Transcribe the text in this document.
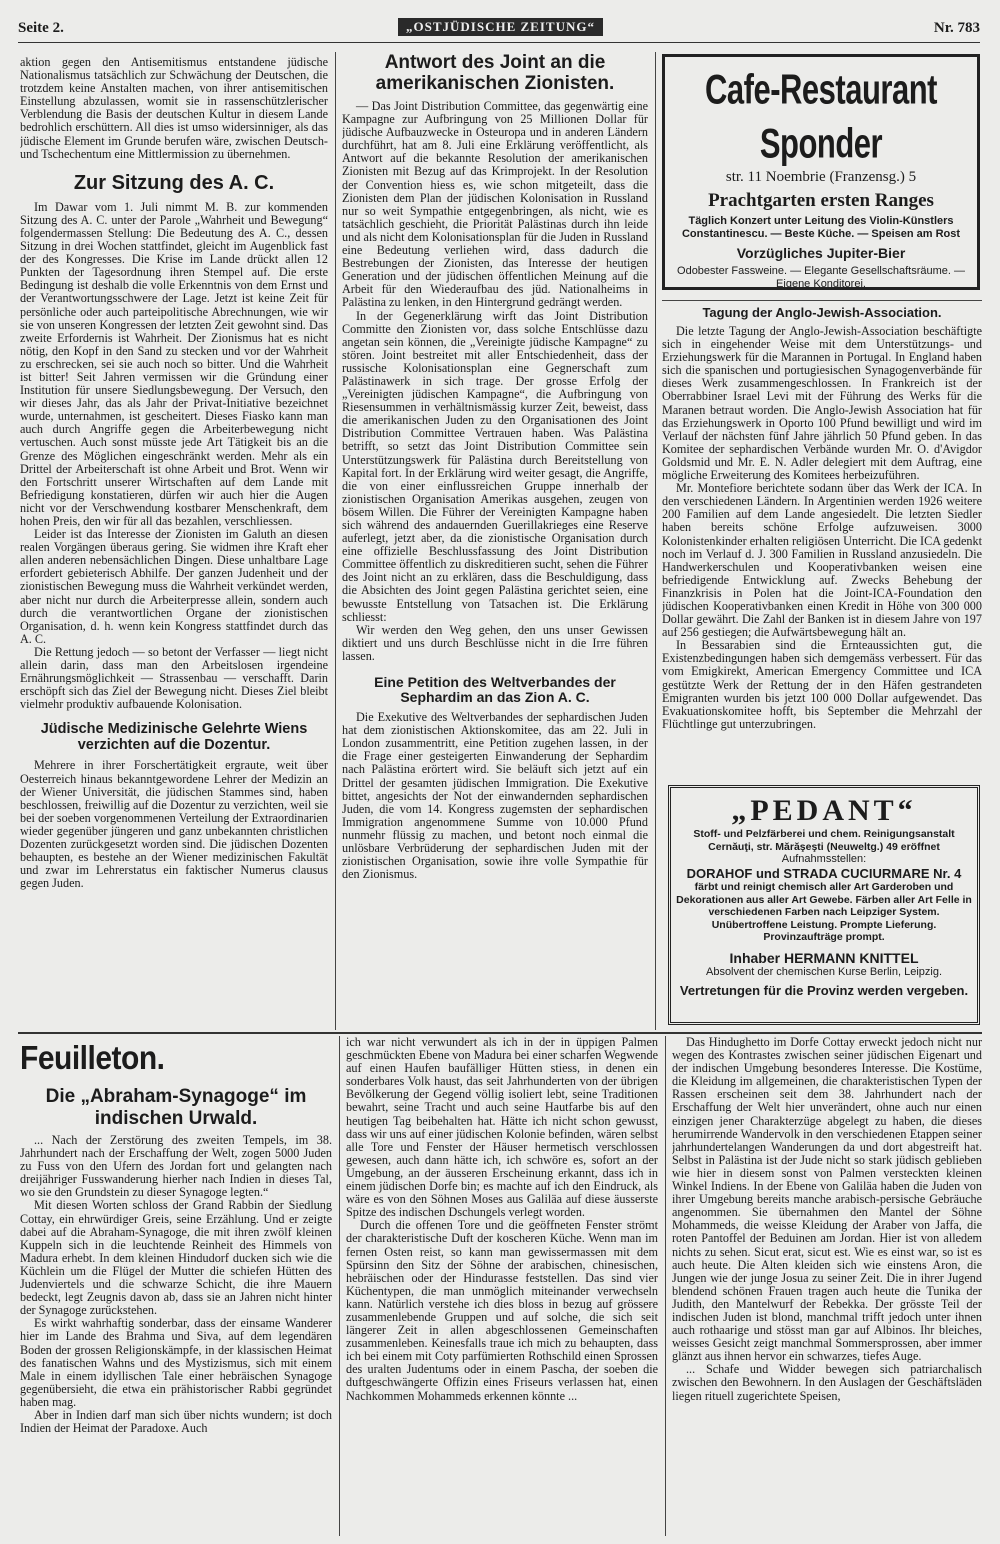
Seite 2.	„OSTJÜDISCHE ZEITUNG“	Nr. 783

aktion gegen den Antisemitismus entstandene jüdische Nationalismus tatsächlich zur Schwächung der Deutschen, die trotzdem keine Anstalten machen, von ihrer antisemitischen Einstellung abzulassen, womit sie in rassenschützlerischer Verblendung die Basis der deutschen Kultur in diesem Lande bedrohlich erschüttern. All dies ist umso widersinniger, als das jüdische Element im Grunde berufen wäre, zwischen Deutsch- und Tschechentum eine Mittlermission zu übernehmen.

Zur Sitzung des A. C.

Im Dawar vom 1. Juli nimmt M. B. zur kommenden Sitzung des A. C. unter der Parole „Wahrheit und Bewegung“ folgendermassen Stellung: Die Bedeutung des A. C., dessen Sitzung in drei Wochen stattfindet, gleicht im Augenblick fast der des Kongresses. Die Krise im Lande drückt allen 12 Punkten der Tagesordnung ihren Stempel auf. Die erste Bedingung ist deshalb die volle Erkenntnis von dem Ernst und der Verantwortungsschwere der Lage. Jetzt ist keine Zeit für persönliche oder auch parteipolitische Abrechnungen, wie wir sie von unseren Kongressen der letzten Zeit gewohnt sind. Das zweite Erfordernis ist Wahrheit. Der Zionismus hat es nicht nötig, den Kopf in den Sand zu stecken und vor der Wahrheit zu erschrecken, sei sie auch noch so bitter. Und die Wahrheit ist bitter! Seit Jahren vermissen wir die Gründung einer Institution für unsere Siedlungsbewegung. Der Versuch, den wir dieses Jahr, das als Jahr der Privat-Initiative bezeichnet wurde, unternahmen, ist gescheitert. Dieses Fiasko kann man auch durch Angriffe gegen die Arbeiterbewegung nicht vertuschen. Auch sonst müsste jede Art Tätigkeit bis an die Grenze des Möglichen eingeschränkt werden. Mehr als ein Drittel der Arbeiterschaft ist ohne Arbeit und Brot. Wenn wir den Fortschritt unserer Wirtschaften auf dem Lande mit Befriedigung konstatieren, dürfen wir auch hier die Augen nicht vor der Verschwendung kostbarer Menschenkraft, dem hohen Preis, den wir für all das bezahlen, verschliessen.

Leider ist das Interesse der Zionisten im Galuth an diesen realen Vorgängen überaus gering. Sie widmen ihre Kraft eher allen anderen nebensächlichen Dingen. Diese unhaltbare Lage erfordert gebieterisch Abhilfe. Der ganzen Judenheit und der zionistischen Bewegung muss die Wahrheit verkündet werden, aber nicht nur durch die Arbeiterpresse allein, sondern auch durch die verantwortlichen Organe der zionistischen Organisation, d. h. wenn kein Kongress stattfindet durch das A. C.

Die Rettung jedoch — so betont der Verfasser — liegt nicht allein darin, dass man den Arbeitslosen irgendeine Ernährungsmöglichkeit — Strassenbau — verschafft. Darin erschöpft sich das Ziel der Bewegung nicht. Dieses Ziel bleibt vielmehr produktiv aufbauende Kolonisation.

Jüdische Medizinische Gelehrte Wiens verzichten auf die Dozentur.

Mehrere in ihrer Forschertätigkeit ergraute, weit über Oesterreich hinaus bekanntgewordene Lehrer der Medizin an der Wiener Universität, die jüdischen Stammes sind, haben beschlossen, freiwillig auf die Dozentur zu verzichten, weil sie bei der soeben vorgenommenen Verteilung der Extraordinarien wieder gegenüber jüngeren und ganz unbekannten christlichen Dozenten zurückgesetzt worden sind. Die jüdischen Dozenten behaupten, es bestehe an der Wiener medizinischen Fakultät und zwar im Lehrerstatus ein faktischer Numerus clausus gegen Juden.

Antwort des Joint an die amerikanischen Zionisten.

— Das Joint Distribution Committee, das gegenwärtig eine Kampagne zur Aufbringung von 25 Millionen Dollar für jüdische Aufbauzwecke in Osteuropa und in anderen Ländern durchführt, hat am 8. Juli eine Erklärung veröffentlicht, als Antwort auf die bekannte Resolution der amerikanischen Zionisten mit Bezug auf das Krimprojekt. In der Resolution der Convention hiess es, wie schon mitgeteilt, dass die Zionisten dem Plan der jüdischen Kolonisation in Russland nur so weit Sympathie entgegenbringen, als nicht, wie es tatsächlich geschieht, die Priorität Palästinas durch ihn leide und als nicht dem Kolonisationsplan für die Juden in Russland eine Bedeutung verliehen wird, dass dadurch die Bestrebungen der Zionisten, das Interesse der heutigen Generation und der jüdischen öffentlichen Meinung auf die Arbeit für den Wiederaufbau des jüd. Nationalheims in Palästina zu lenken, in den Hintergrund gedrängt werden.

In der Gegenerklärung wirft das Joint Distribution Committe den Zionisten vor, dass solche Entschlüsse dazu angetan sein können, die „Vereinigte jüdische Kampagne“ zu stören. Joint bestreitet mit aller Entschiedenheit, dass der russische Kolonisationsplan eine Gegnerschaft zum Palästinawerk in sich trage. Der grosse Erfolg der „Vereinigten jüdischen Kampagne“, die Aufbringung von Riesensummen in verhältnismässig kurzer Zeit, beweist, dass die amerikanischen Juden zu den Organisationen des Joint Distribution Committee Vertrauen haben. Was Palästina betrifft, so setzt das Joint Distribution Committee sein Unterstützungswerk für Palästina durch Bereitstellung von Kapital fort. In der Erklärung wird weiter gesagt, die Angriffe, die von einer einflussreichen Gruppe innerhalb der zionistischen Organisation Amerikas ausgehen, zeugen von bösem Willen. Die Führer der Vereinigten Kampagne haben sich während des andauernden Guerillakrieges eine Reserve auferlegt, jetzt aber, da die zionistische Organisation durch eine offizielle Beschlussfassung des Joint Distribution Committee öffentlich zu diskreditieren sucht, sehen die Führer des Joint nicht an zu erklären, dass die Beschuldigung, dass die Absichten des Joint gegen Palästina gerichtet seien, eine bewusste Entstellung von Tatsachen ist. Die Erklärung schliesst:

Wir werden den Weg gehen, den uns unser Gewissen diktiert und uns durch Beschlüsse nicht in die Irre führen lassen.

Eine Petition des Weltverbandes der Sephardim an das Zion A. C.

Die Exekutive des Weltverbandes der sephardischen Juden hat dem zionistischen Aktionskomitee, das am 22. Juli in London zusammentritt, eine Petition zugehen lassen, in der die Frage einer gesteigerten Einwanderung der Sephardim nach Palästina erörtert wird. Sie beläuft sich jetzt auf ein Drittel der gesamten jüdischen Immigration. Die Exekutive bittet, angesichts der Not der einwandernden sephardischen Juden, die vom 14. Kongress zugemsten der sephardischen Immigration angenommene Summe von 10.000 Pfund nunmehr flüssig zu machen, und betont noch einmal die unlösbare Verbrüderung der sephardischen Juden mit der zionistischen Organisation, sowie ihre volle Sympathie für den Zionismus.

Cafe-Restaurant Sponder
str. 11 Noembrie (Franzensg.) 5
Prachtgarten ersten Ranges
Täglich Konzert unter Leitung des Violin-Künstlers Constantinescu. — Beste Küche. — Speisen am Rost
Vorzügliches Jupiter-Bier
Odobester Fassweine. — Elegante Gesellschaftsräume. — Eigene Konditorei.
Tagung der Anglo-Jewish-Association.

Die letzte Tagung der Anglo-Jewish-Association beschäftigte sich in eingehender Weise mit dem Unterstützungs- und Erziehungswerk für die Marannen in Portugal. In England haben sich die spanischen und portugiesischen Synagogenverbände für dieses Werk zusammengeschlossen. In Frankreich ist der Oberrabbiner Israel Levi mit der Führung des Werks für die Maranen betraut worden. Die Anglo-Jewish Association hat für das Erziehungswerk in Oporto 100 Pfund bewilligt und wird im Verlauf der nächsten fünf Jahre jährlich 50 Pfund geben. In das Komitee der sephardischen Verbände wurden Mr. O. d'Avigdor Goldsmid und Mr. E. N. Adler delegiert mit dem Auftrag, eine mögliche Erweiterung des Komitees herbeizuführen.

Mr. Montefiore berichtete sodann über das Werk der ICA. In den verschiedenen Ländern. In Argentinien werden 1926 weitere 200 Familien auf dem Lande angesiedelt. Die letzten Siedler haben bereits schöne Erfolge aufzuweisen. 3000 Kolonistenkinder erhalten religiösen Unterricht. Die ICA gedenkt noch im Verlauf d. J. 300 Familien in Russland anzusiedeln. Die Handwerkerschulen und Kooperativbanken weisen eine befriedigende Entwicklung auf. Zwecks Behebung der Finanzkrisis in Polen hat die Joint-ICA-Foundation den jüdischen Kooperativbanken einen Kredit in Höhe von 300 000 Dollar gewährt. Die Zahl der Banken ist in diesem Jahre von 197 auf 256 gestiegen; die Aufwärtsbewegung hält an.

In Bessarabien sind die Ernteaussichten gut, die Existenzbedingungen haben sich demgemäss verbessert. Für das vom Emigkirekt, American Emergency Committee und ICA gestützte Werk der Rettung der in den Häfen gestrandeten Emigranten wurden bis jetzt 100 000 Dollar aufgewendet. Das Evakuationskomitee hofft, bis September die Mehrzahl der Flüchtlinge gut unterzubringen.

„PEDANT“
Stoff- und Pelzfärberei und chem. Reinigungsanstalt
Cernăuţi, str. Mărăşeşti (Neuweltg.) 49 eröffnet
Aufnahmsstellen:
DORAHOF und STRADA CUCIURMARE Nr. 4
färbt und reinigt chemisch aller Art Garderoben und Dekorationen aus aller Art Gewebe. Färben aller Art Felle in verschiedenen Farben nach Leipziger System. Unübertroffene Leistung. Prompte Lieferung. Provinzaufträge prompt.
Inhaber HERMANN KNITTEL
Absolvent der chemischen Kurse Berlin, Leipzig.
Vertretungen für die Provinz werden vergeben.
Feuilleton.
Die „Abraham-Synagoge“ im indischen Urwald.

... Nach der Zerstörung des zweiten Tempels, im 38. Jahrhundert nach der Erschaffung der Welt, zogen 5000 Juden zu Fuss von den Ufern des Jordan fort und gelangten nach dreijähriger Fusswanderung hierher nach Indien in dieses Tal, wo sie den Grundstein zu dieser Synagoge legten.“

Mit diesen Worten schloss der Grand Rabbin der Siedlung Cottay, ein ehrwürdiger Greis, seine Erzählung. Und er zeigte dabei auf die Abraham-Synagoge, die mit ihren zwölf kleinen Kuppeln sich in die leuchtende Reinheit des Himmels von Madura erhebt. In dem kleinen Hindudorf ducken sich wie die Küchlein um die Flügel der Mutter die schiefen Hütten des Judenviertels und die schwarze Schicht, die ihre Mauern bedeckt, legt Zeugnis davon ab, dass sie an Jahren nicht hinter der Synagoge zurückstehen.

Es wirkt wahrhaftig sonderbar, dass der einsame Wanderer hier im Lande des Brahma und Siva, auf dem legendären Boden der grossen Religionskämpfe, in der klassischen Heimat des fanatischen Wahns und des Mystizismus, sich mit einem Male in einem idyllischen Tale einer hebräischen Synagoge gegenübersieht, die etwa ein prähistorischer Rabbi gegründet haben mag.

Aber in Indien darf man sich über nichts wundern; ist doch Indien der Heimat der Paradoxe. Auch

ich war nicht verwundert als ich in der in üppigen Palmen geschmückten Ebene von Madura bei einer scharfen Wegwende auf einen Haufen baufälliger Hütten stiess, in denen ein sonderbares Volk haust, das seit Jahrhunderten von der übrigen Bevölkerung der Gegend völlig isoliert lebt, seine Traditionen bewahrt, seine Tracht und auch seine Hautfarbe bis auf den heutigen Tag beibehalten hat. Hätte ich nicht schon gewusst, dass wir uns auf einer jüdischen Kolonie befinden, wären selbst alle Tore und Fenster der Häuser hermetisch verschlossen gewesen, auch dann hätte ich, ich schwöre es, sofort an der Umgebung, an der äusseren Erscheinung erkannt, dass ich in einem jüdischen Dorfe bin; es machte auf ich den Eindruck, als wäre es von den Söhnen Moses aus Galiläa auf diese äusserste Spitze des indischen Dschungels verlegt worden.

Durch die offenen Tore und die geöffneten Fenster strömt der charakteristische Duft der koscheren Küche. Wenn man im fernen Osten reist, so kann man gewissermassen mit dem Spürsinn den Sitz der Söhne der arabischen, chinesischen, hebräischen oder der Hindurasse feststellen. Das sind vier Küchentypen, die man unmöglich miteinander verwechseln kann. Natürlich verstehe ich dies bloss in bezug auf grössere zusammenlebende Gruppen und auf solche, die sich seit längerer Zeit in allen abgeschlossenen Gemeinschaften zusammenleben. Keinesfalls traue ich mich zu behaupten, dass ich bei einem mit Coty parfümierten Rothschild einen Sprossen des uralten Judentums oder in einem Pascha, der soeben die duftgeschwängerte Offizin eines Friseurs verlassen hat, einen Nachkommen Mohammeds erkennen könnte ...

Das Hindughetto im Dorfe Cottay erweckt jedoch nicht nur wegen des Kontrastes zwischen seiner jüdischen Eigenart und der indischen Umgebung besonderes Interesse. Die Kostüme, die Kleidung im allgemeinen, die charakteristischen Typen der Rassen erscheinen seit dem 38. Jahrhundert nach der Erschaffung der Welt hier unverändert, ohne auch nur einen einzigen jener Charakterzüge abgelegt zu haben, die dieses herumirrende Wandervolk in den verschiedenen Etappen seiner jahrhundertelangen Wanderungen da und dort abgestreift hat. Selbst in Palästina ist der Jude nicht so stark jüdisch geblieben wie hier in diesem sonst von Palmen versteckten kleinen Winkel Indiens. In der Ebene von Galiläa haben die Juden von ihrer Umgebung bereits manche arabisch-persische Gebräuche angenommen. Sie übernahmen den Mantel der Söhne Mohammeds, die weisse Kleidung der Araber von Jaffa, die roten Pantoffel der Beduinen am Jordan. Hier ist von alledem nichts zu sehen. Sicut erat, sicut est. Wie es einst war, so ist es auch heute. Die Alten kleiden sich wie einstens Aron, die Jungen wie der junge Josua zu seiner Zeit. Die in ihrer Jugend blendend schönen Frauen tragen auch heute die Tunika der Judith, den Mantelwurf der Rebekka. Der grösste Teil der indischen Juden ist blond, manchmal trifft jedoch unter ihnen auch rothaarige und stösst man gar auf Albinos. Ihr bleiches, weisses Gesicht zeigt manchmal Sommersprossen, aber immer glänzt aus ihnen hervor ein schwarzes, tiefes Auge.

... Schafe und Widder bewegen sich patriarchalisch zwischen den Bewohnern. In den Auslagen der Geschäftsläden liegen rituell zugerichtete Speisen,
